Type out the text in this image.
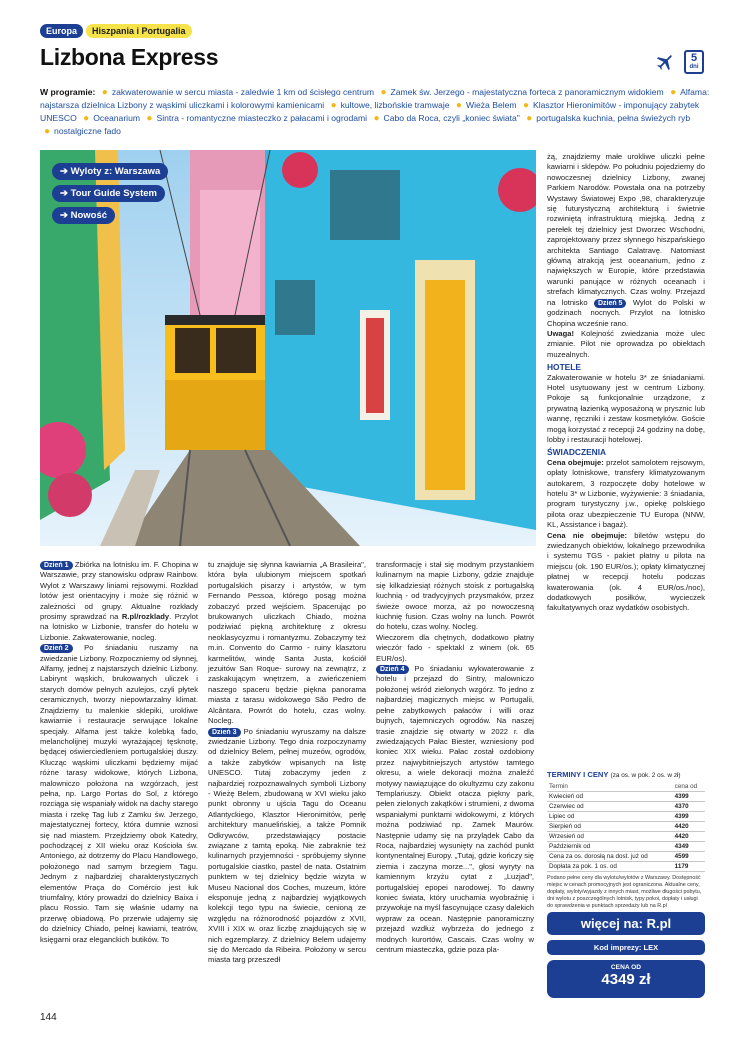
Europa	Hiszpania i Portugalia
Lizbona Express	5
dni
W programie: ● zakwaterowanie w sercu miasta - zaledwie 1 km od ścisłego centrum ● Zamek św. Jerzego - majestatyczna forteca z panoramicznym widokiem ● Alfama: najstarsza dzielnica Lizbony z wąskimi uliczkami i kolorowymi kamienicami ● kultowe, lizbońskie tramwaje ● Wieża Belem ● Klasztor Hieronimitów - imponujący zabytek UNESCO ● Oceanarium ● Sintra - romantyczne miasteczko z pałacami i ogrodami ● Cabo da Roca, czyli „koniec świata" ● portugalska kuchnia, pełna świeżych ryb ● nostalgiczne fado
➔ Wyloty z: Warszawa
➔ Tour Guide System
➔ Nowość
żą, znajdziemy małe urokliwe uliczki pełne kawiarni i sklepów. Po południu pojedziemy do nowoczesnej dzielnicy Lizbony, zwanej Parkiem Narodów. Powstała ona na potrzeby Wystawy Światowej Expo ,98, charakteryzuje się futurystyczną architekturą i świetnie rozwiniętą infrastrukturą miejską. Jedną z perełek tej dzielnicy jest Dworzec Wschodni, zaprojektowany przez słynnego hiszpańskiego architekta Santiago Calatravę. Natomiast główną atrakcją jest oceanarium, jedno z największych w Europie, które przedstawia warunki panujące w różnych oceanach i strefach klimatycznych. Czas wolny. Przejazd na lotnisko Dzień 5 Wylot do Polski w godzinach nocnych. Przylot na lotnisko Chopina wcześnie rano.
Uwaga! Kolejność zwiedzania może ulec zmianie. Pilot nie oprowadza po obiektach muzealnych.
HOTELE
Zakwaterowanie w hotelu 3* ze śniadaniami. Hotel usytuowany jest w centrum Lizbony. Pokoje są funkcjonalnie urządzone, z prywatną łazienką wyposażoną w prysznic lub wannę, ręczniki i zestaw kosmetyków. Goście mogą korzystać z recepcji 24 godziny na dobę, lobby i restauracji hotelowej.
ŚWIADCZENIA
Cena obejmuje: przelot samolotem rejsowym, opłaty lotniskowe, transfery klimatyzowanym autokarem, 3 rozpoczęte doby hotelowe w hotelu 3* w Lizbonie, wyżywienie: 3 śniadania, program turystyczny j.w., opiekę polskiego pilota oraz ubezpieczenie TU Europa (NNW, KL, Assistance i bagaż).
Cena nie obejmuje: biletów wstępu do zwiedzanych obiektów, lokalnego przewodnika i systemu TGS - pakiet płatny u pilota na miejscu (ok. 190 EUR/os.); opłaty klimatycznej płatnej w recepcji hotelu podczas kwaterowania (ok. 4 EUR/os./noc), dodatkowych posiłków, wycieczek fakultatywnych oraz wydatków osobistych.
Dzień 1 Zbiórka na lotnisku im. F. Chopina w Warszawie, przy stanowisku odpraw Rainbow. Wylot z Warszawy liniami rejsowymi. Rozkład lotów jest orientacyjny i może się różnić w zależności od grupy. Aktualne rozkłady prosimy sprawdzać na R.pl/rozklady. Przylot na lotnisko w Lizbonie, transfer do hotelu w Lizbonie. Zakwaterowanie, nocleg.
Dzień 2 Po śniadaniu ruszamy na zwiedzanie Lizbony. Rozpoczniemy od słynnej, Alfamy, jednej z najstarszych dzielnic Lizbony. Labirynt wąskich, brukowanych uliczek i starych domów pełnych azulejos, czyli płytek ceramicznych, tworzy niepowtarzalny klimat. Znajdziemy tu malenkie sklepiki, urokliwe kawiarnie i restauracje serwujące lokalne specjały. Alfama jest także kolebką fado, melancholijnej muzyki wyrażającej tęsknotę, będącej oświerciedleniem portugalskiej duszy. Klucząc wąskimi uliczkami będziemy mijać różne tarasy widokowe, których Lizbona, malowniczo położona na wzgórzach, jest pełna, np. Largo Portas do Sol, z którego rozciąga się wspaniały widok na dachy starego miasta i rzekę Tag lub z Zamku św. Jerzego, majestatycznej fortecy, która dumnie wznosi się nad miastem. Przejdziemy obok Katedry, pochodzącej z XII wieku oraz Kościoła św. Antoniego, aż dotrzemy do Placu Handlowego, położonego nad samym brzegiem Tagu. Jednym z najbardziej charakterystycznych elementów Praça do Comércio jest łuk triumfalny, który prowadzi do dzielnicy Baixa i placu Rossio. Tam się właśnie udamy na przerwę obiadową. Po przerwie udajemy się do dzielnicy Chiado, pełnej kawiarni, teatrów, księgarni oraz eleganckich butików. To
tu znajduje się słynna kawiarnia „A Brasileira", która była ulubionym miejscem spotkań portugalskich pisarzy i artystów, w tym Fernando Pessoa, którego posąg można zobaczyć przed wejściem. Spacerując po brukowanych uliczkach Chiado, można podziwiać piękną architekturę z okresu neoklasycyzmu i romantyzmu. Zobaczymy też m.in. Convento do Carmo - ruiny klasztoru karmelitów, windę Santa Justa, kościół jezuitów San Roque- surowy na zewnątrz, z zaskakującym wnętrzem, a zwieńczeniem naszego spaceru będzie piękna panorama miasta z tarasu widokowego São Pedro de Alcântara. Powrót do hotelu, czas wolny. Nocleg.
Dzień 3 Po śniadaniu wyruszamy na dalsze zwiedzanie Lizbony. Tego dnia rozpoczynamy od dzielnicy Belem, pełnej muzeów, ogrodów, a także zabytków wpisanych na listę UNESCO. Tutaj zobaczymy jeden z najbardziej rozpoznawalnych symboli Lizbony - Wieżę Belem, zbudowaną w XVI wieku jako punkt obronny u ujścia Tagu do Oceanu Atlantyckiego, Klasztor Hieronimitów, perłę architektury manuelińskiej, a także Pomnik Odkrywców, przedstawiający postacie związane z tamtą epoką. Nie zabraknie też kulinarnych przyjemności - spróbujemy słynne portugalskie ciastko, pastel de nata. Ostatnim punktem w tej dzielnicy będzie wizyta w Museu Nacional dos Coches, muzeum, które eksponuje jedną z najbardziej wyjątkowych kolekcji tego typu na świecie, cenioną ze względu na różnorodność pojazdów z XVII, XVIII i XIX w. oraz liczbę znajdujących się w nich egzemplarzy. Z dzielnicy Belem udajemy się do Mercado da Ribeira. Położony w sercu miasta targ przeszedł
transformację i stał się modnym przystankiem kulinarnym na mapie Lizbony, gdzie znajduje się kilkadziesiąt różnych stoisk z portugalską kuchnią - od tradycyjnych przysmaków, przez świeże owoce morza, aż po nowoczesną kuchnię fusion. Czas wolny na lunch. Powrót do hotelu, czas wolny. Nocleg.
Wieczorem dla chętnych, dodatkowo płatny wieczór fado - spektakl z winem (ok. 65 EUR/os).
Dzień 4 Po śniadaniu wykwaterowanie z hotelu i przejazd do Sintry, malowniczo położonej wśród zielonych wzgórz. To jedno z najbardziej magicznych miejsc w Portugalii, pełne zabytkowych pałaców i willi oraz bujnych, tajemniczych ogrodów. Na naszej trasie znajdzie się otwarty w 2022 r. dla zwiedzających Pałac Biester, wzniesiony pod koniec XIX wieku. Pałac został ozdobiony przez najwybitniejszych artystów tamtego okresu, a wiele dekoracji można znaleźć motywy nawiązujące do okultyzmu czy zakonu Templariuszy. Obiekt otacza piękny park, pełen zielonych zakątków i strumieni, z dwoma wspaniałymi punktami widokowymi, z których można podziwiać np. Zamek Maurów. Następnie udamy się na przylądek Cabo da Roca, najbardziej wysunięty na zachód punkt kontynentalnej Europy. „Tutaj, gdzie kończy się ziemia i zaczyna morze...", głosi wyryty na kamiennym krzyżu cytat z „Luzjad", portugalskiej epopei narodowej. To dawny koniec świata, który uruchamia wyobraźnię i przywołuje na myśl fascynujące czasy dalekich wypraw za ocean. Następnie panoramiczny przejazd wzdłuż wybrzeża do jednego z modnych kurortów, Cascais. Czas wolny w centrum miasteczka, gdzie poza pla-
TERMINY I CENY (za os. w pok. 2 os. w zł)
Termin	cena od
Kwiecień od	4399
Czerwiec od	4370
Lipiec od	4399
Sierpień od	4420
Wrzesień od	4420
Październik od	4349
Cena za os. dorosłą na dost. już od	4599
Dopłata za pok. 1 os. od	1179
Podano pełne ceny dla wylotu/wylotów z Warszawy. Dostępność miejsc w cenach promocyjnych jest ograniczona. Aktualne ceny, dopłaty, wyloty/wyjazdy z innych miast, możliwe długości pobytu, dni wylotu z poszczególnych lotnisk, typy pokoi, dopłaty i usługi do sprawdzenia w punktach sprzedaży lub na R.pl
więcej na: R.pl
Kod imprezy: LEX
CENA OD
4349 zł
144
